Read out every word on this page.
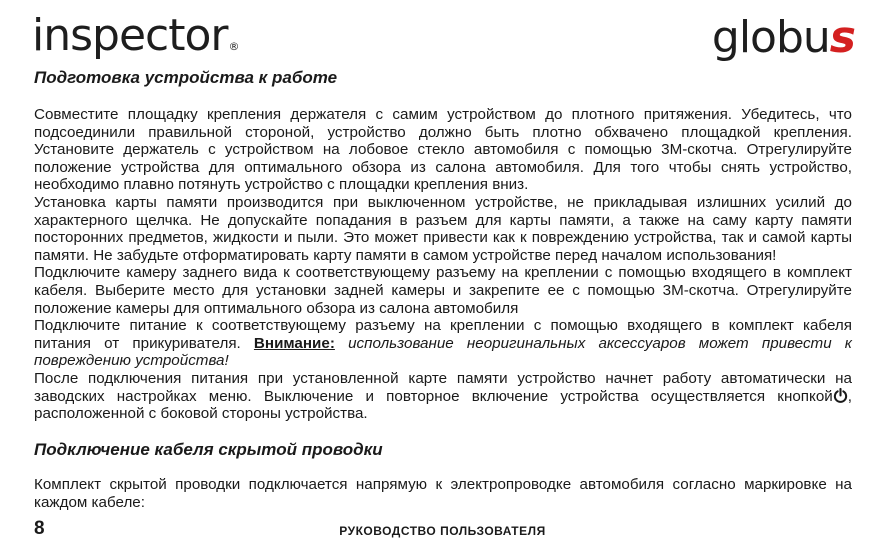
inspector®	globus
Подготовка устройства к работе

Совместите площадку крепления держателя с самим устройством до плотного притяжения. Убедитесь, что подсоединили правильной стороной, устройство должно быть плотно обхвачено площадкой крепления. Установите держатель с устройством на лобовое стекло автомобиля с помощью 3М-скотча. Отрегулируйте положение устройства для оптимального обзора из салона автомобиля. Для того чтобы снять устройство, необходимо плавно потянуть устройство с площадки крепления вниз.

Установка карты памяти производится при выключенном устройстве, не прикладывая излишних усилий до характерного щелчка. Не допускайте попадания в разъем для карты памяти, а также на саму карту памяти посторонних предметов, жидкости и пыли. Это может привести как к повреждению устройства, так и самой карты памяти. Не забудьте отформатировать карту памяти в самом устройстве перед началом использования!

Подключите камеру заднего вида к соответствующему разъему на креплении с помощью входящего в комплект кабеля. Выберите место для установки задней камеры и закрепите ее с помощью 3М-скотча. Отрегулируйте положение камеры для оптимального обзора из салона автомобиля

Подключите питание к соответствующему разъему на креплении с помощью входящего в комплект кабеля питания от прикуривателя. Внимание: использование неоригинальных аксессуаров может привести к повреждению устройства!

После подключения питания при установленной карте памяти устройство начнет работу автоматически на заводских настройках меню. Выключение и повторное включение устройства осуществляется кнопкой , расположенной с боковой стороны устройства.

Подключение кабеля скрытой проводки

Комплект скрытой проводки подключается напрямую к электропроводке автомобиля согласно маркировке на каждом кабеле:

8	РУКОВОДСТВО ПОЛЬЗОВАТЕЛЯ
